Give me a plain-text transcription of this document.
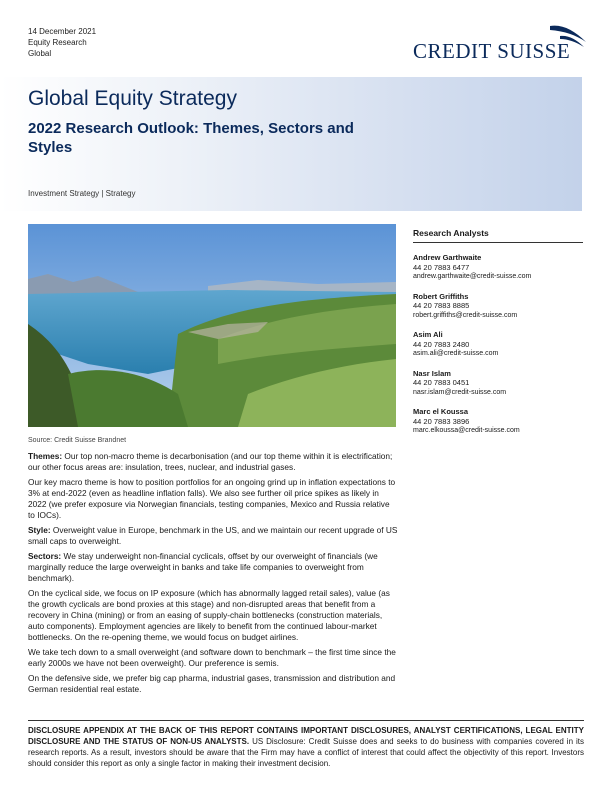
14 December 2021
Equity Research
Global	CREDIT SUISSE
Global Equity Strategy
2022 Research Outlook: Themes, Sectors and Styles
Investment Strategy | Strategy
Source: Credit Suisse Brandnet

Themes: Our top non-macro theme is decarbonisation (and our top theme within it is electrification; our other focus areas are: insulation, trees, nuclear, and industrial gases.

Our key macro theme is how to position portfolios for an ongoing grind up in inflation expectations to 3% at end-2022 (even as headline inflation falls). We also see further oil price spikes as likely in 2022 (we prefer exposure via Norwegian financials, testing companies, Mexico and Russia relative to IOCs).

Style: Overweight value in Europe, benchmark in the US, and we maintain our recent upgrade of US small caps to overweight.

Sectors: We stay underweight non-financial cyclicals, offset by our overweight of financials (we marginally reduce the large overweight in banks and take life companies to overweight from benchmark).

On the cyclical side, we focus on IP exposure (which has abnormally lagged retail sales), value (as the growth cyclicals are bond proxies at this stage) and non-disrupted areas that benefit from a recovery in China (mining) or from an easing of supply-chain bottlenecks (construction materials, auto components). Employment agencies are likely to benefit from the continued labour-market bottlenecks. On the re-opening theme, we would focus on budget airlines.

We take tech down to a small overweight (and software down to benchmark – the first time since the early 2000s we have not been overweight). Our preference is semis.

On the defensive side, we prefer big cap pharma, industrial gases, transmission and distribution and German residential real estate.

Research Analysts
Andrew Garthwaite
44 20 7883 6477
andrew.garthwaite@credit-suisse.com
Robert Griffiths
44 20 7883 8885
robert.griffiths@credit-suisse.com
Asim Ali
44 20 7883 2480
asim.ali@credit-suisse.com
Nasr Islam
44 20 7883 0451
nasr.islam@credit-suisse.com
Marc el Koussa
44 20 7883 3896
marc.elkoussa@credit-suisse.com
DISCLOSURE APPENDIX AT THE BACK OF THIS REPORT CONTAINS IMPORTANT DISCLOSURES, ANALYST CERTIFICATIONS, LEGAL ENTITY DISCLOSURE AND THE STATUS OF NON-US ANALYSTS. US Disclosure: Credit Suisse does and seeks to do business with companies covered in its research reports. As a result, investors should be aware that the Firm may have a conflict of interest that could affect the objectivity of this report. Investors should consider this report as only a single factor in making their investment decision.
